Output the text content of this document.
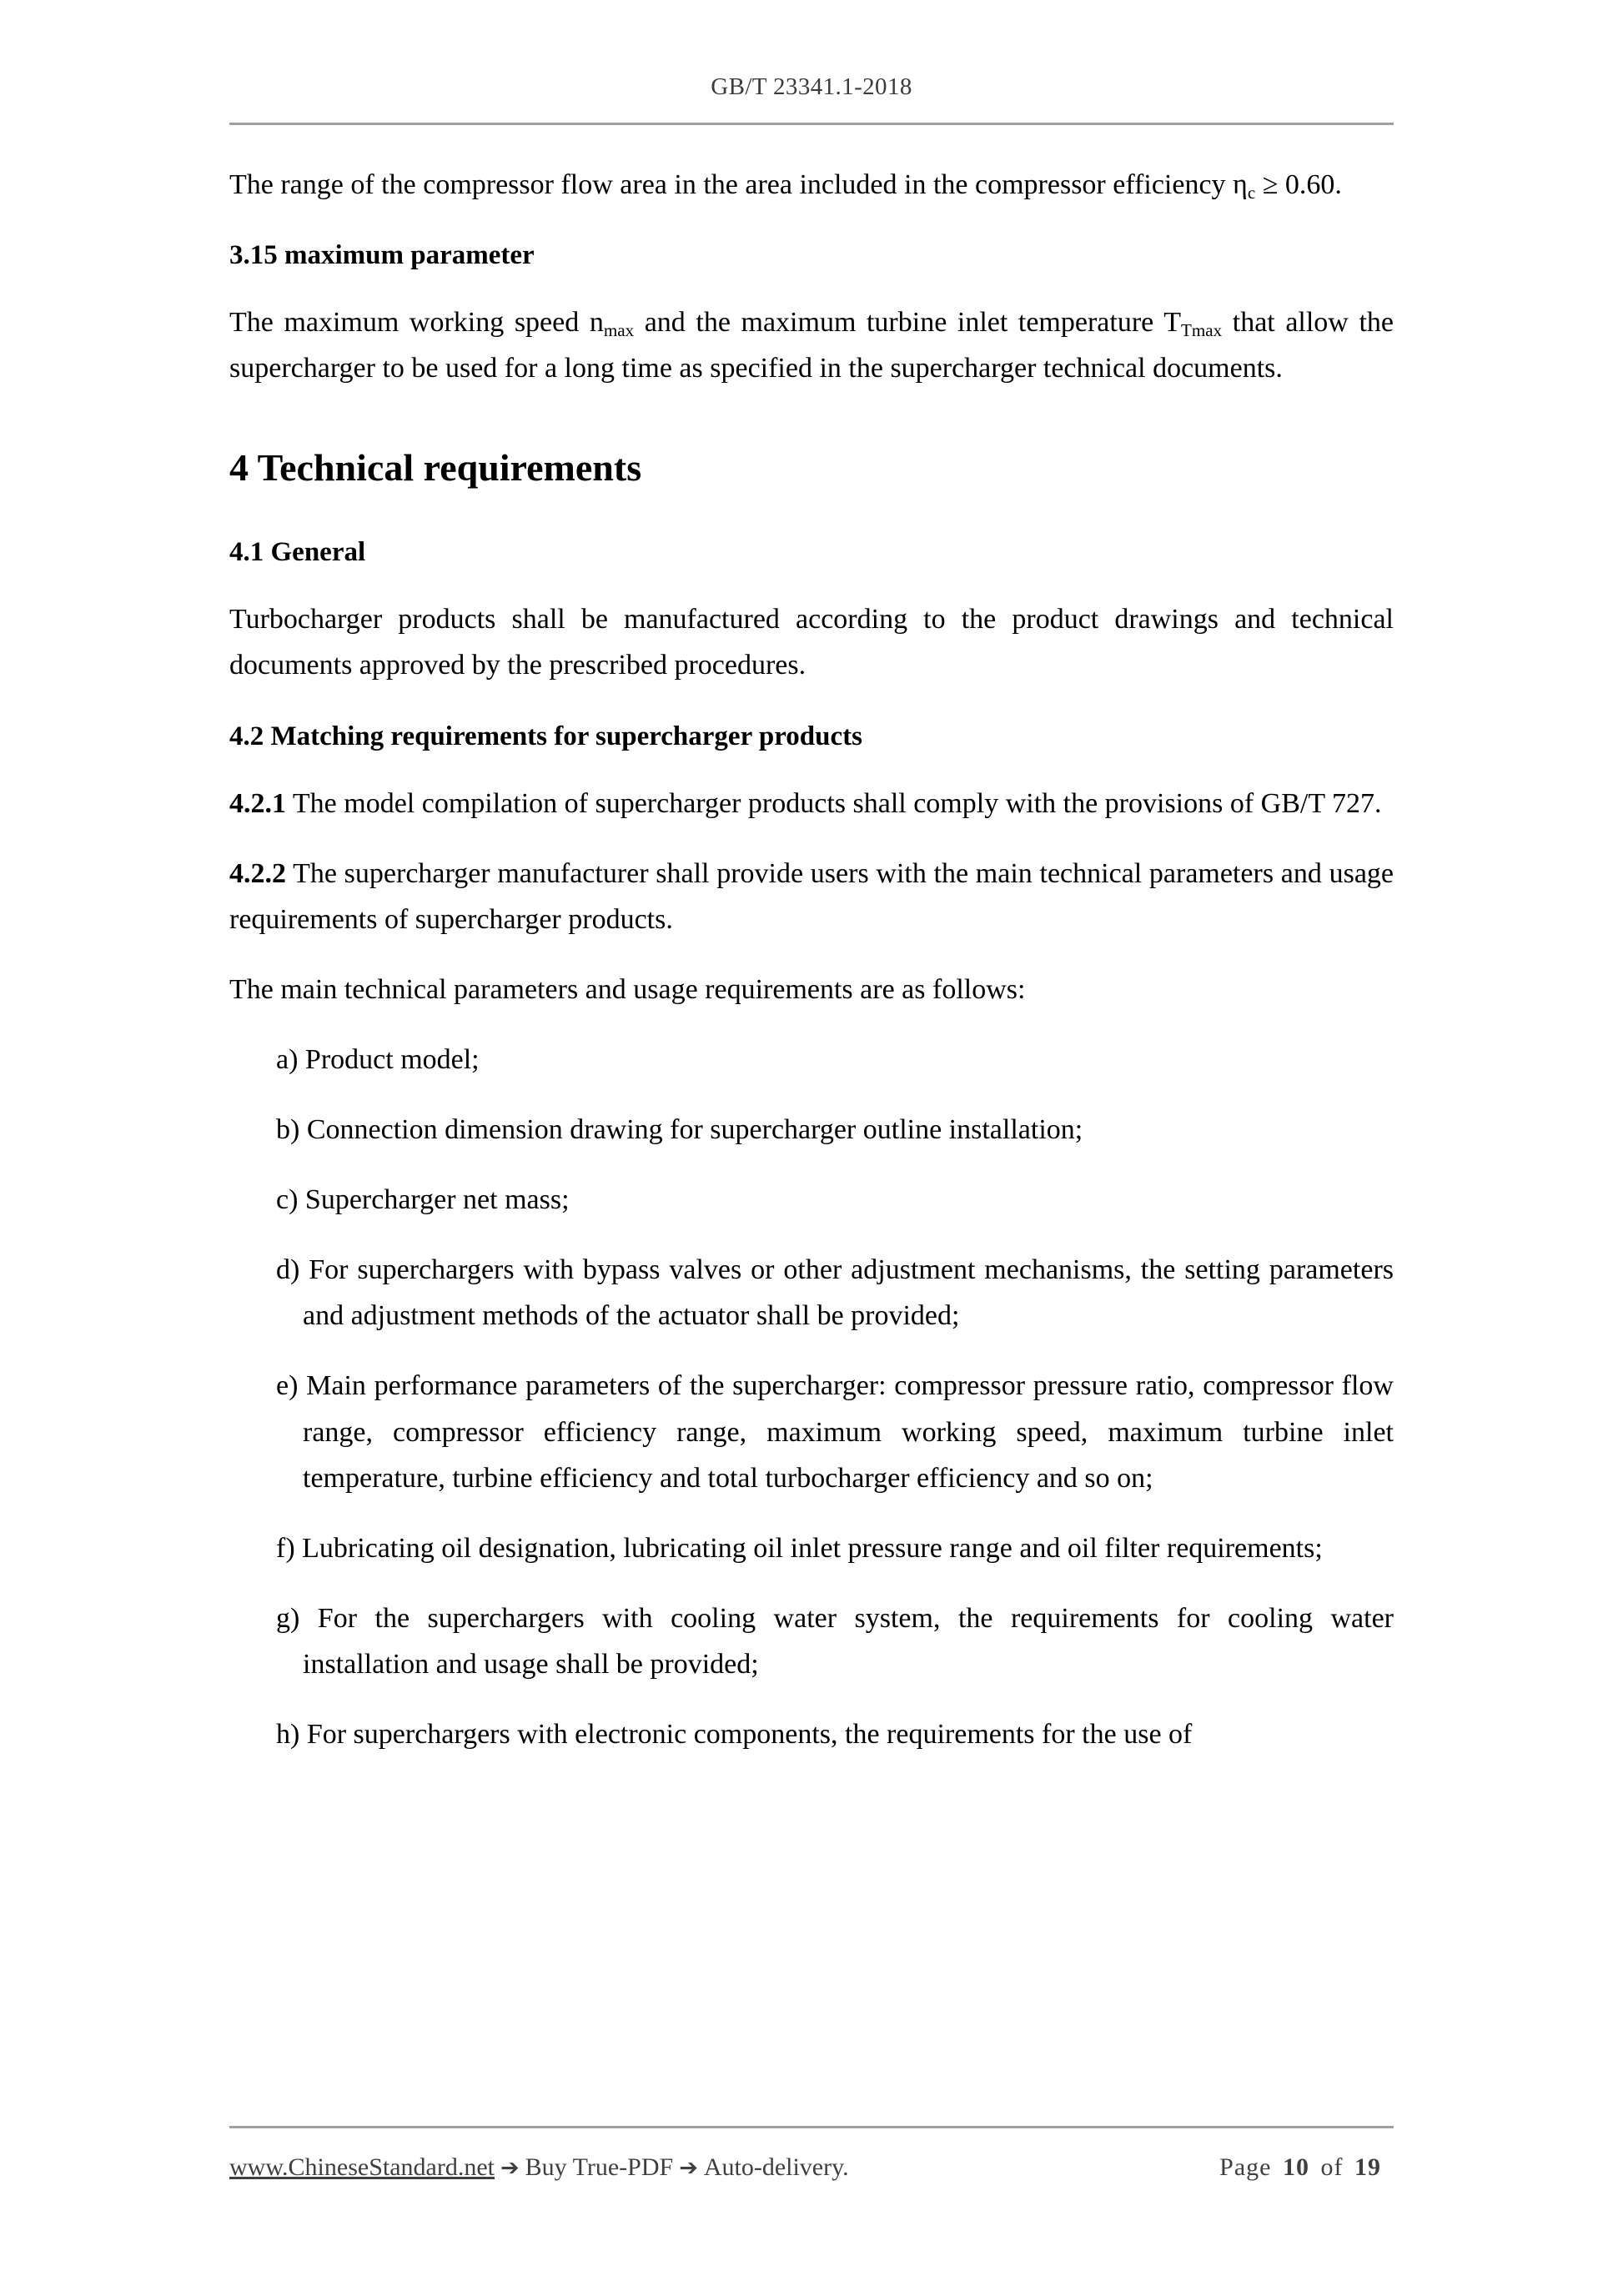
GB/T 23341.1-2018

The range of the compressor flow area in the area included in the compressor efficiency $\eta_c \ge 0.60$.

3.15 maximum parameter

The maximum working speed $n_{max}$ and the maximum turbine inlet temperature $T_{Tmax}$ that allow the supercharger to be used for a long time as specified in the supercharger technical documents.

4 Technical requirements
4.1 General

Turbocharger products shall be manufactured according to the product drawings and technical documents approved by the prescribed procedures.

4.2 Matching requirements for supercharger products

4.2.1 The model compilation of supercharger products shall comply with the provisions of GB/T 727.

4.2.2 The supercharger manufacturer shall provide users with the main technical parameters and usage requirements of supercharger products.

The main technical parameters and usage requirements are as follows:

a) Product model;
b) Connection dimension drawing for supercharger outline installation;
c) Supercharger net mass;
d) For superchargers with bypass valves or other adjustment mechanisms, the setting parameters and adjustment methods of the actuator shall be provided;
e) Main performance parameters of the supercharger: compressor pressure ratio, compressor flow range, compressor efficiency range, maximum working speed, maximum turbine inlet temperature, turbine efficiency and total turbocharger efficiency and so on;
f) Lubricating oil designation, lubricating oil inlet pressure range and oil filter requirements;
g) For the superchargers with cooling water system, the requirements for cooling water installation and usage shall be provided;
h) For superchargers with electronic components, the requirements for the use of
www.ChineseStandard.net ➔ Buy True-PDF ➔ Auto-delivery.	Page 10 of 19
